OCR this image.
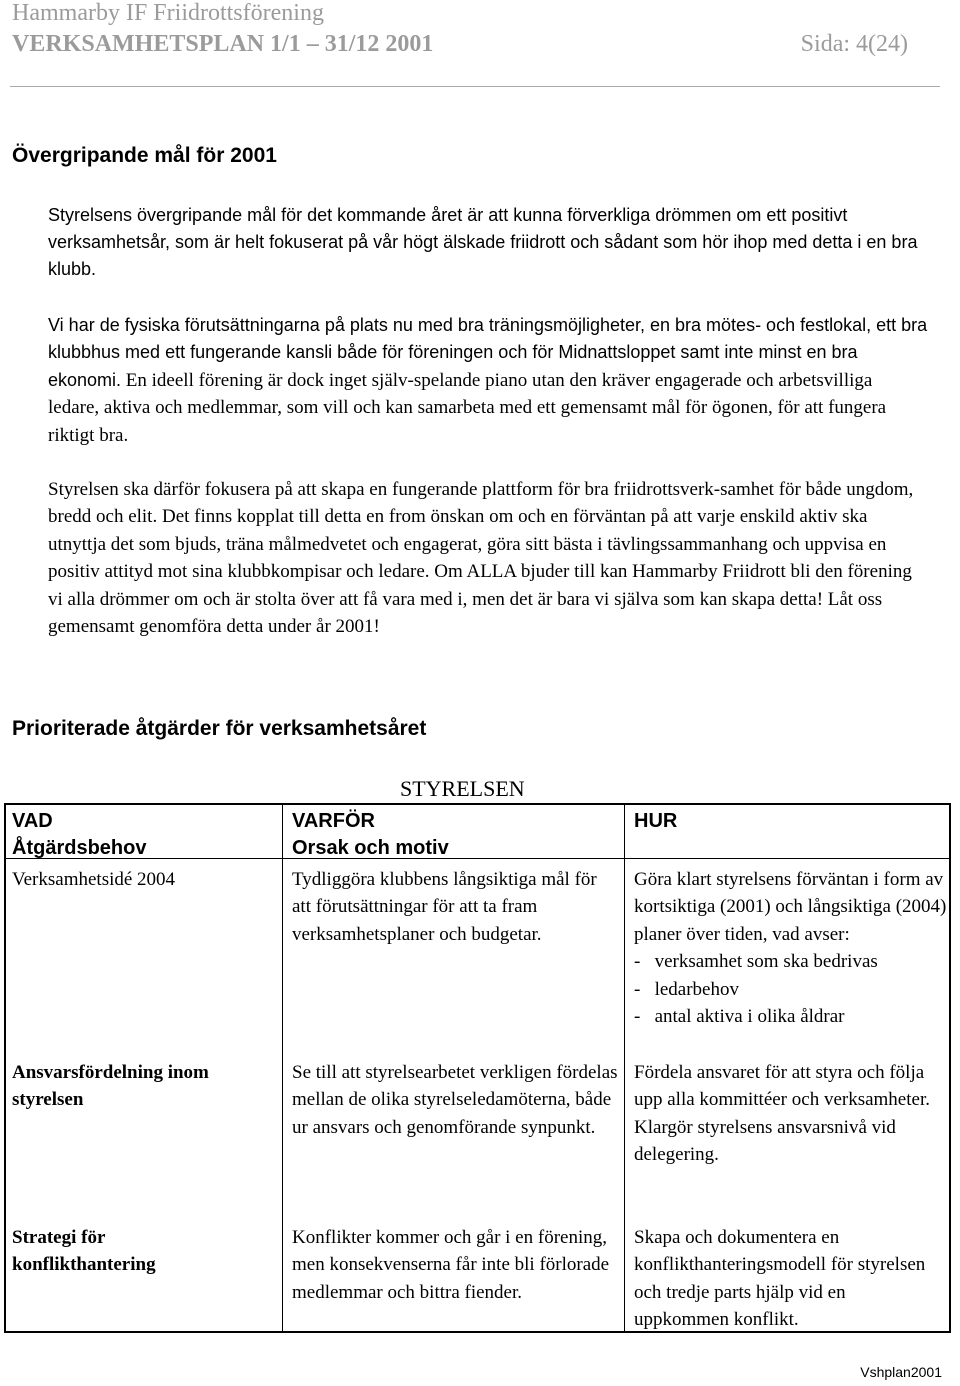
Hammarby IF Friidrottsförening
VERKSAMHETSPLAN 1/1 – 31/12 2001	Sida: 4(24)
Övergripande mål för 2001

Styrelsens övergripande mål för det kommande året är att kunna förverkliga drömmen om ett positivt verksamhetsår, som är helt fokuserat på vår högt älskade friidrott och sådant som hör ihop med detta i en bra klubb.

Vi har de fysiska förutsättningarna på plats nu med bra träningsmöjligheter, en bra mötes- och festlokal, ett bra klubbhus med ett fungerande kansli både för föreningen och för Midnattsloppet samt inte minst en bra ekonomi. En ideell förening är dock inget själv-spelande piano utan den kräver engagerade och arbetsvilliga ledare, aktiva och medlemmar, som vill och kan samarbeta med ett gemensamt mål för ögonen, för att fungera riktigt bra.

Styrelsen ska därför fokusera på att skapa en fungerande plattform för bra friidrottsverk-samhet för både ungdom, bredd och elit. Det finns kopplat till detta en from önskan om och en förväntan på att varje enskild aktiv ska utnyttja det som bjuds, träna målmedvetet och engagerat, göra sitt bästa i tävlingssammanhang och uppvisa en positiv attityd mot sina klubbkompisar och ledare. Om ALLA bjuder till kan Hammarby Friidrott bli den förening vi alla drömmer om och är stolta över att få vara med i, men det är bara vi själva som kan skapa detta! Låt oss gemensamt genomföra detta under år 2001!

Prioriterade åtgärder för verksamhetsåret
STYRELSEN
VAD
Åtgärdsbehov
VARFÖR
Orsak och motiv
HUR
Verksamhetsidé 2004	Tydliggöra klubbens långsiktiga mål för att förutsättningar för att ta fram verksamhetsplaner och budgetar.
Göra klart styrelsens förväntan i form av kortsiktiga (2001) och långsiktiga (2004) planer över tiden, vad avser:
-   verksamhet som ska bedrivas
-   ledarbehov
-   antal aktiva i olika åldrar
Ansvarsfördelning inom styrelsen
Se till att styrelsearbetet verkligen fördelas mellan de olika styrelseledamöterna, både ur ansvars och genomförande synpunkt.
Fördela ansvaret för att styra och följa upp alla kommittéer och verksamheter.
Klargör styrelsens ansvarsnivå vid delegering.
Strategi för konflikthantering
Konflikter kommer och går i en förening, men konsekvenserna får inte bli förlorade medlemmar och bittra fiender.
Skapa och dokumentera en konflikthanteringsmodell för styrelsen och tredje parts hjälp vid en uppkommen konflikt.
Vshplan2001
